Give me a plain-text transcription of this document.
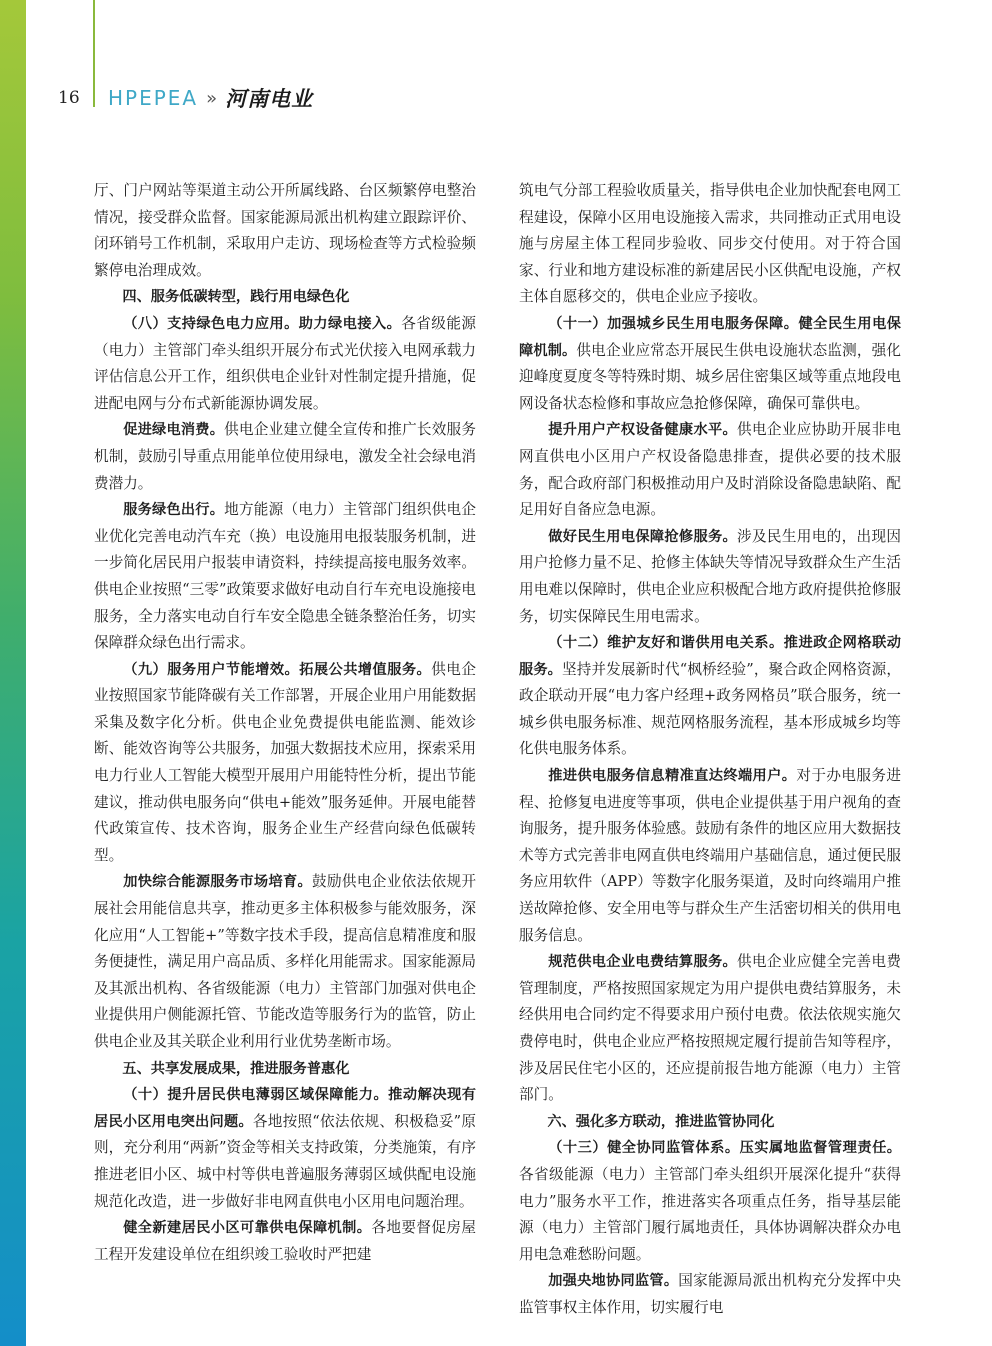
16 HPEPEA » 河南电业

厅、门户网站等渠道主动公开所属线路、台区频繁停电整治情况，接受群众监督。国家能源局派出机构建立跟踪评价、闭环销号工作机制，采取用户走访、现场检查等方式检验频繁停电治理成效。

四、服务低碳转型，践行用电绿色化

（八）支持绿色电力应用。助力绿电接入。各省级能源（电力）主管部门牵头组织开展分布式光伏接入电网承载力评估信息公开工作，组织供电企业针对性制定提升措施，促进配电网与分布式新能源协调发展。

促进绿电消费。供电企业建立健全宣传和推广长效服务机制，鼓励引导重点用能单位使用绿电，激发全社会绿电消费潜力。

服务绿色出行。地方能源（电力）主管部门组织供电企业优化完善电动汽车充（换）电设施用电报装服务机制，进一步简化居民用户报装申请资料，持续提高接电服务效率。供电企业按照“三零”政策要求做好电动自行车充电设施接电服务，全力落实电动自行车安全隐患全链条整治任务，切实保障群众绿色出行需求。

（九）服务用户节能增效。拓展公共增值服务。供电企业按照国家节能降碳有关工作部署，开展企业用户用能数据采集及数字化分析。供电企业免费提供电能监测、能效诊断、能效咨询等公共服务，加强大数据技术应用，探索采用电力行业人工智能大模型开展用户用能特性分析，提出节能建议，推动供电服务向“供电+能效”服务延伸。开展电能替代政策宣传、技术咨询，服务企业生产经营向绿色低碳转型。

加快综合能源服务市场培育。鼓励供电企业依法依规开展社会用能信息共享，推动更多主体积极参与能效服务，深化应用“人工智能+”等数字技术手段，提高信息精准度和服务便捷性，满足用户高品质、多样化用能需求。国家能源局及其派出机构、各省级能源（电力）主管部门加强对供电企业提供用户侧能源托管、节能改造等服务行为的监管，防止供电企业及其关联企业利用行业优势垄断市场。

五、共享发展成果，推进服务普惠化

（十）提升居民供电薄弱区域保障能力。推动解决现有居民小区用电突出问题。各地按照“依法依规、积极稳妥”原则，充分利用“两新”资金等相关支持政策，分类施策，有序推进老旧小区、城中村等供电普遍服务薄弱区域供配电设施规范化改造，进一步做好非电网直供电小区用电问题治理。

健全新建居民小区可靠供电保障机制。各地要督促房屋工程开发建设单位在组织竣工验收时严把建

筑电气分部工程验收质量关，指导供电企业加快配套电网工程建设，保障小区用电设施接入需求，共同推动正式用电设施与房屋主体工程同步验收、同步交付使用。对于符合国家、行业和地方建设标准的新建居民小区供配电设施，产权主体自愿移交的，供电企业应予接收。

（十一）加强城乡民生用电服务保障。健全民生用电保障机制。供电企业应常态开展民生供电设施状态监测，强化迎峰度夏度冬等特殊时期、城乡居住密集区域等重点地段电网设备状态检修和事故应急抢修保障，确保可靠供电。

提升用户产权设备健康水平。供电企业应协助开展非电网直供电小区用户产权设备隐患排查，提供必要的技术服务，配合政府部门积极推动用户及时消除设备隐患缺陷、配足用好自备应急电源。

做好民生用电保障抢修服务。涉及民生用电的，出现因用户抢修力量不足、抢修主体缺失等情况导致群众生产生活用电难以保障时，供电企业应积极配合地方政府提供抢修服务，切实保障民生用电需求。

（十二）维护友好和谐供用电关系。推进政企网格联动服务。坚持并发展新时代“枫桥经验”，聚合政企网格资源，政企联动开展“电力客户经理+政务网格员”联合服务，统一城乡供电服务标准、规范网格服务流程，基本形成城乡均等化供电服务体系。

推进供电服务信息精准直达终端用户。对于办电服务进程、抢修复电进度等事项，供电企业提供基于用户视角的查询服务，提升服务体验感。鼓励有条件的地区应用大数据技术等方式完善非电网直供电终端用户基础信息，通过便民服务应用软件（APP）等数字化服务渠道，及时向终端用户推送故障抢修、安全用电等与群众生产生活密切相关的供用电服务信息。

规范供电企业电费结算服务。供电企业应健全完善电费管理制度，严格按照国家规定为用户提供电费结算服务，未经供用电合同约定不得要求用户预付电费。依法依规实施欠费停电时，供电企业应严格按照规定履行提前告知等程序，涉及居民住宅小区的，还应提前报告地方能源（电力）主管部门。

六、强化多方联动，推进监管协同化

（十三）健全协同监管体系。压实属地监督管理责任。各省级能源（电力）主管部门牵头组织开展深化提升“获得电力”服务水平工作，推进落实各项重点任务，指导基层能源（电力）主管部门履行属地责任，具体协调解决群众办电用电急难愁盼问题。

加强央地协同监管。国家能源局派出机构充分发挥中央监管事权主体作用，切实履行电
